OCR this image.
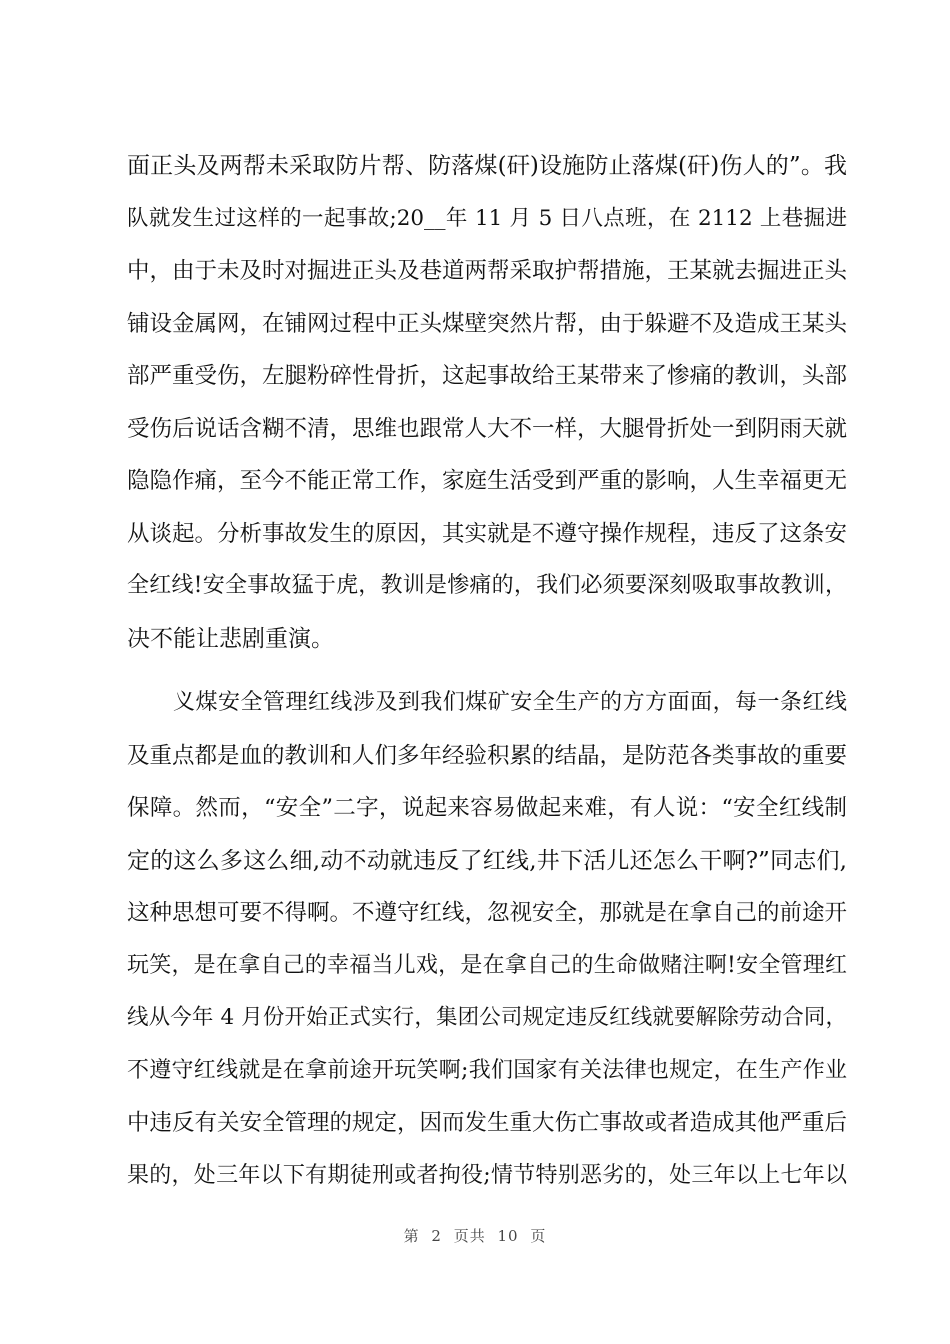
面正头及两帮未采取防片帮、防落煤(矸)设施防止落煤(矸)伤人的”。我
队就发生过这样的一起事故;20__年 11 月 5 日八点班，在 2112 上巷掘进
中，由于未及时对掘进正头及巷道两帮采取护帮措施，王某就去掘进正头
铺设金属网，在铺网过程中正头煤壁突然片帮，由于躲避不及造成王某头
部严重受伤，左腿粉碎性骨折，这起事故给王某带来了惨痛的教训，头部
受伤后说话含糊不清，思维也跟常人大不一样，大腿骨折处一到阴雨天就
隐隐作痛，至今不能正常工作，家庭生活受到严重的影响，人生幸福更无
从谈起。分析事故发生的原因，其实就是不遵守操作规程，违反了这条安
全红线!安全事故猛于虎，教训是惨痛的，我们必须要深刻吸取事故教训，
决不能让悲剧重演。
义煤安全管理红线涉及到我们煤矿安全生产的方方面面，每一条红线
及重点都是血的教训和人们多年经验积累的结晶，是防范各类事故的重要
保障。然而，“安全”二字，说起来容易做起来难，有人说：“安全红线制
定的这么多这么细,动不动就违反了红线,井下活儿还怎么干啊?”同志们,
这种思想可要不得啊。不遵守红线，忽视安全，那就是在拿自己的前途开
玩笑，是在拿自己的幸福当儿戏，是在拿自己的生命做赌注啊!安全管理红
线从今年 4 月份开始正式实行，集团公司规定违反红线就要解除劳动合同，
不遵守红线就是在拿前途开玩笑啊;我们国家有关法律也规定，在生产作业
中违反有关安全管理的规定，因而发生重大伤亡事故或者造成其他严重后
果的，处三年以下有期徒刑或者拘役;情节特别恶劣的，处三年以上七年以
第 2 页共 10 页
